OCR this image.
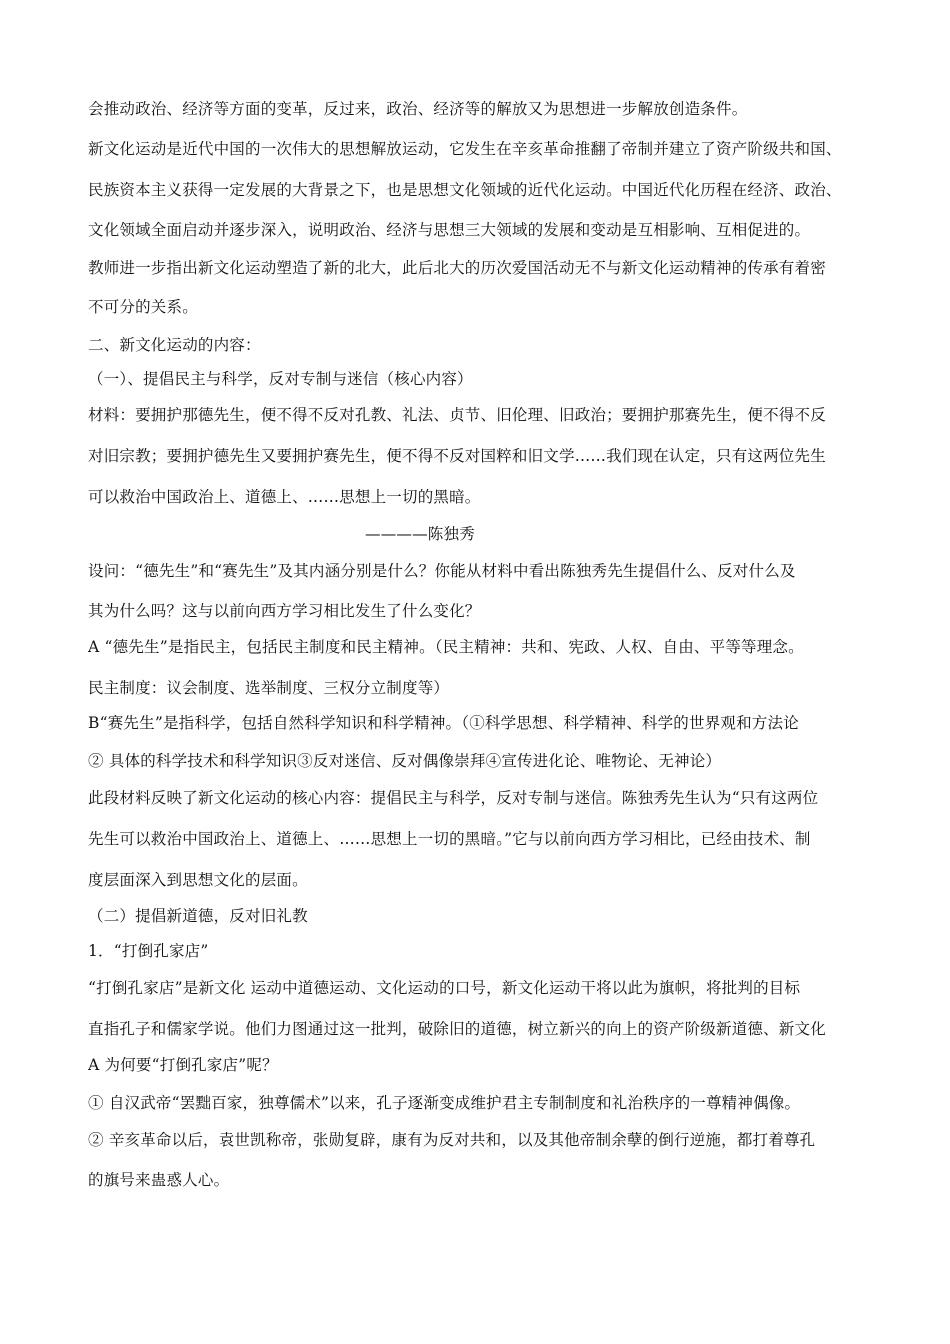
会推动政治、经济等方面的变革，反过来，政治、经济等的解放又为思想进一步解放创造条件。
新文化运动是近代中国的一次伟大的思想解放运动，它发生在辛亥革命推翻了帝制并建立了资产阶级共和国、
民族资本主义获得一定发展的大背景之下，也是思想文化领域的近代化运动。中国近代化历程在经济、政治、
文化领域全面启动并逐步深入，说明政治、经济与思想三大领域的发展和变动是互相影响、互相促进的。
教师进一步指出新文化运动塑造了新的北大，此后北大的历次爱国活动无不与新文化运动精神的传承有着密
不可分的关系。
二、新文化运动的内容：
（一）、提倡民主与科学，反对专制与迷信（核心内容）
材料：要拥护那德先生，便不得不反对孔教、礼法、贞节、旧伦理、旧政治；要拥护那赛先生，便不得不反
对旧宗教；要拥护德先生又要拥护赛先生，便不得不反对国粹和旧文学……我们现在认定，只有这两位先生
可以救治中国政治上、道德上、……思想上一切的黑暗。
————陈独秀
设问：“德先生”和“赛先生”及其内涵分别是什么？你能从材料中看出陈独秀先生提倡什么、反对什么及
其为什么吗？这与以前向西方学习相比发生了什么变化？
A “德先生”是指民主，包括民主制度和民主精神。（民主精神：共和、宪政、人权、自由、平等等理念。
民主制度：议会制度、选举制度、三权分立制度等）
B“赛先生”是指科学，包括自然科学知识和科学精神。（①科学思想、科学精神、科学的世界观和方法论
② 具体的科学技术和科学知识③反对迷信、反对偶像崇拜④宣传进化论、唯物论、无神论）
此段材料反映了新文化运动的核心内容：提倡民主与科学，反对专制与迷信。陈独秀先生认为“只有这两位
先生可以救治中国政治上、道德上、……思想上一切的黑暗。”它与以前向西方学习相比，已经由技术、制
度层面深入到思想文化的层面。
（二）提倡新道德，反对旧礼教
1．“打倒孔家店”
“打倒孔家店”是新文化 运动中道德运动、文化运动的口号，新文化运动干将以此为旗帜，将批判的目标
直指孔子和儒家学说。他们力图通过这一批判，破除旧的道德，树立新兴的向上的资产阶级新道德、新文化
A 为何要“打倒孔家店”呢？
① 自汉武帝“罢黜百家，独尊儒术”以来，孔子逐渐变成维护君主专制制度和礼治秩序的一尊精神偶像。
② 辛亥革命以后，袁世凯称帝，张勋复辟，康有为反对共和，以及其他帝制余孽的倒行逆施，都打着尊孔
的旗号来蛊惑人心。
